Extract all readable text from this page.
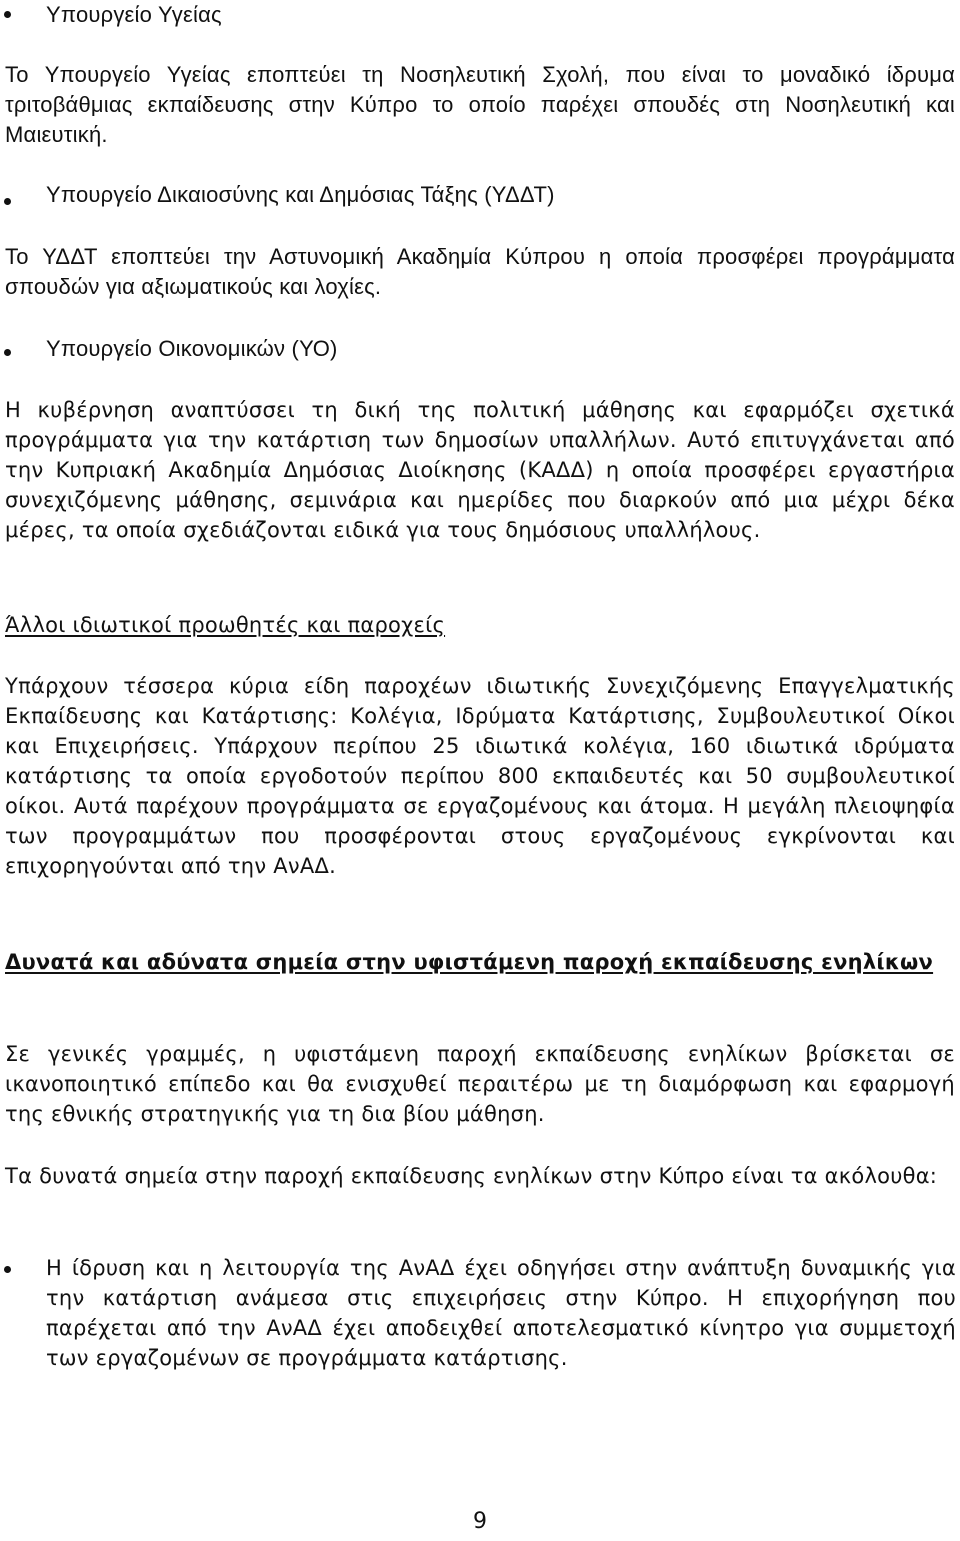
Υπουργείο Υγείας

Το Υπουργείο Υγείας εποπτεύει τη Νοσηλευτική Σχολή, που είναι το μοναδικό ίδρυμα τριτοβάθμιας εκπαίδευσης στην Κύπρο το οποίο παρέχει σπουδές στη Νοσηλευτική και Μαιευτική.

Υπουργείο Δικαιοσύνης και Δημόσιας Τάξης (ΥΔΔΤ)

Το ΥΔΔΤ εποπτεύει την Αστυνομική Ακαδημία Κύπρου η οποία προσφέρει προγράμματα σπουδών για αξιωματικούς και λοχίες.

Υπουργείο Οικονομικών (ΥΟ)

Η κυβέρνηση αναπτύσσει τη δική της πολιτική μάθησης και εφαρμόζει σχετικά προγράμματα για την κατάρτιση των δημοσίων υπαλλήλων. Αυτό επιτυγχάνεται από την Κυπριακή Ακαδημία Δημόσιας Διοίκησης (ΚΑΔΔ) η οποία προσφέρει εργαστήρια συνεχιζόμενης μάθησης, σεμινάρια και ημερίδες που διαρκούν από μια μέχρι δέκα μέρες, τα οποία σχεδιάζονται ειδικά για τους δημόσιους υπαλλήλους.

Άλλοι ιδιωτικοί προωθητές και παροχείς

Υπάρχουν τέσσερα κύρια είδη παροχέων ιδιωτικής Συνεχιζόμενης Επαγγελματικής Εκπαίδευσης και Κατάρτισης: Κολέγια, Ιδρύματα Κατάρτισης, Συμβουλευτικοί Οίκοι και Επιχειρήσεις. Υπάρχουν περίπου 25 ιδιωτικά κολέγια, 160 ιδιωτικά ιδρύματα κατάρτισης τα οποία εργοδοτούν περίπου 800 εκπαιδευτές και 50 συμβουλευτικοί οίκοι. Αυτά παρέχουν προγράμματα σε εργαζομένους και άτομα. Η μεγάλη πλειοψηφία των προγραμμάτων που προσφέρονται στους εργαζομένους εγκρίνονται και επιχορηγούνται από την ΑνΑΔ.

Δυνατά και αδύνατα σημεία στην υφιστάμενη παροχή εκπαίδευσης ενηλίκων

Σε γενικές γραμμές, η υφιστάμενη παροχή εκπαίδευσης ενηλίκων βρίσκεται σε ικανοποιητικό επίπεδο και θα ενισχυθεί περαιτέρω με τη διαμόρφωση και εφαρμογή της εθνικής στρατηγικής για τη δια βίου μάθηση.

Τα δυνατά σημεία στην παροχή εκπαίδευσης ενηλίκων στην Κύπρο είναι τα ακόλουθα:

Η ίδρυση και η λειτουργία της ΑνΑΔ έχει οδηγήσει στην ανάπτυξη δυναμικής για την κατάρτιση ανάμεσα στις επιχειρήσεις στην Κύπρο. Η επιχορήγηση που παρέχεται από την ΑνΑΔ έχει αποδειχθεί αποτελεσματικό κίνητρο για συμμετοχή των εργαζομένων σε προγράμματα κατάρτισης.

9
